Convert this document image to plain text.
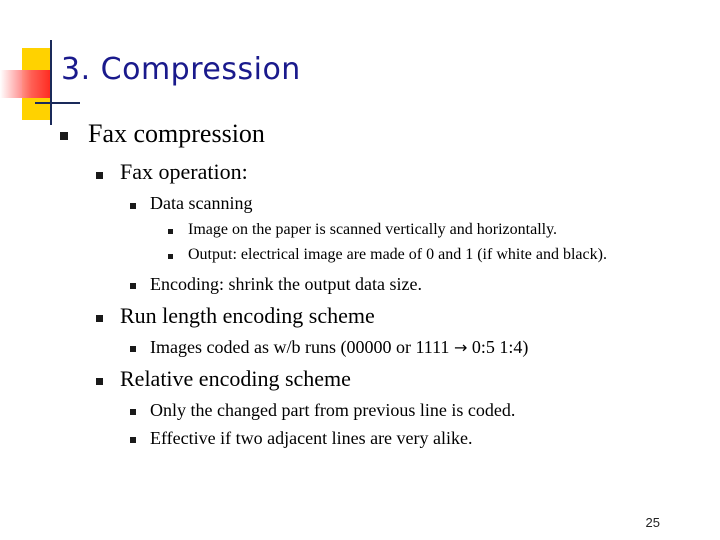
3. Compression
Fax compression
Fax operation:
Data scanning
Image on the paper is scanned vertically and horizontally.
Output: electrical image are made of 0 and 1 (if white and black).
Encoding: shrink the output data size.
Run length encoding scheme
Images coded as w/b runs (00000 or 1111 → 0:5 1:4)
Relative encoding scheme
Only the changed part from previous line is coded.
Effective if two adjacent lines are very alike.
25
